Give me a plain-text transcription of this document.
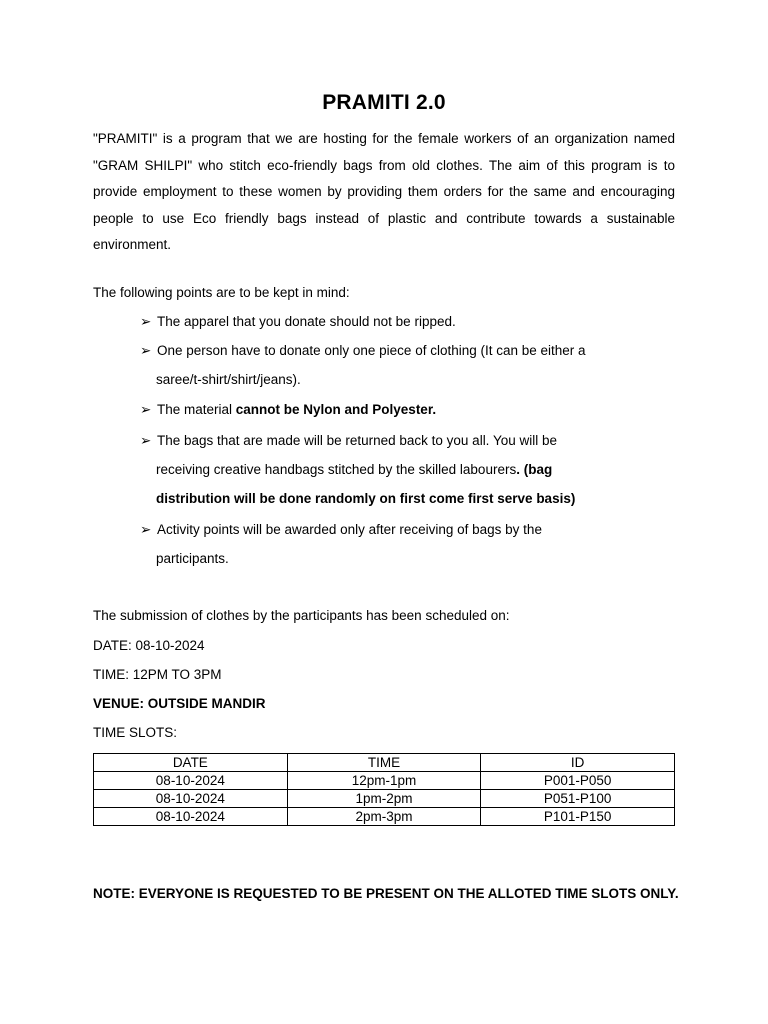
PRAMITI 2.0
"PRAMITI" is a program that we are hosting for the female workers of an organization named
"GRAM SHILPI" who stitch eco-friendly bags from old clothes. The aim of this program is to
provide employment to these women by providing them orders for the same and encouraging
people to use Eco friendly bags instead of plastic and contribute towards a sustainable
environment.
The following points are to be kept in mind:
➢ The apparel that you donate should not be ripped.
➢ One person have to donate only one piece of clothing (It can be either a
saree/t-shirt/shirt/jeans).
➢ The material cannot be Nylon and Polyester.
➢ The bags that are made will be returned back to you all. You will be
receiving creative handbags stitched by the skilled labourers. (bag
distribution will be done randomly on first come first serve basis)
➢ Activity points will be awarded only after receiving of bags by the
participants.
The submission of clothes by the participants has been scheduled on:
DATE: 08-10-2024
TIME: 12PM TO 3PM
VENUE: OUTSIDE MANDIR
TIME SLOTS:
DATE	TIME	ID
08-10-2024	12pm-1pm	P001-P050
08-10-2024	1pm-2pm	P051-P100
08-10-2024	2pm-3pm	P101-P150
NOTE: EVERYONE IS REQUESTED TO BE PRESENT ON THE ALLOTED TIME SLOTS ONLY.
